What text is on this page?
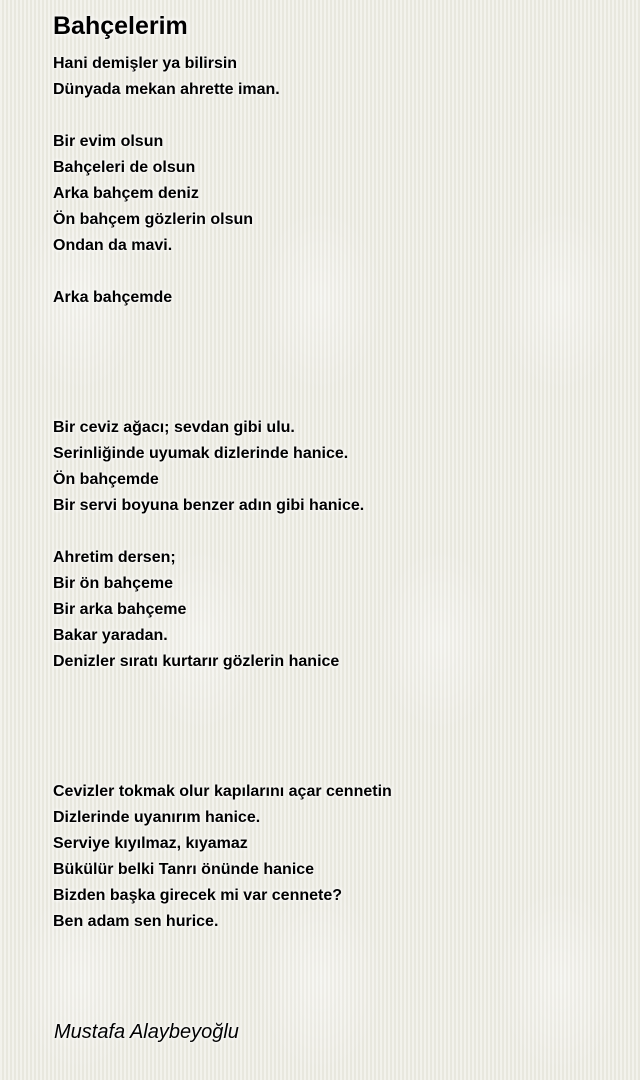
Bahçelerim
Hani demişler ya bilirsin
Dünyada mekan ahrette iman.
Bir evim olsun
Bahçeleri de olsun
Arka bahçem deniz
Ön bahçem gözlerin olsun
Ondan da mavi.
Arka bahçemde
Bir ceviz ağacı; sevdan gibi ulu.
Serinliğinde uyumak dizlerinde hanice.
Ön bahçemde
Bir servi boyuna benzer adın gibi hanice.
Ahretim dersen;
Bir ön bahçeme
Bir arka bahçeme
Bakar yaradan.
Denizler sıratı kurtarır gözlerin hanice
Cevizler tokmak olur kapılarını açar cennetin
Dizlerinde uyanırım hanice.
Serviye kıyılmaz, kıyamaz
Bükülür belki Tanrı önünde hanice
Bizden başka girecek mi var cennete?
Ben adam sen hurice.
Mustafa Alaybeyoğlu
